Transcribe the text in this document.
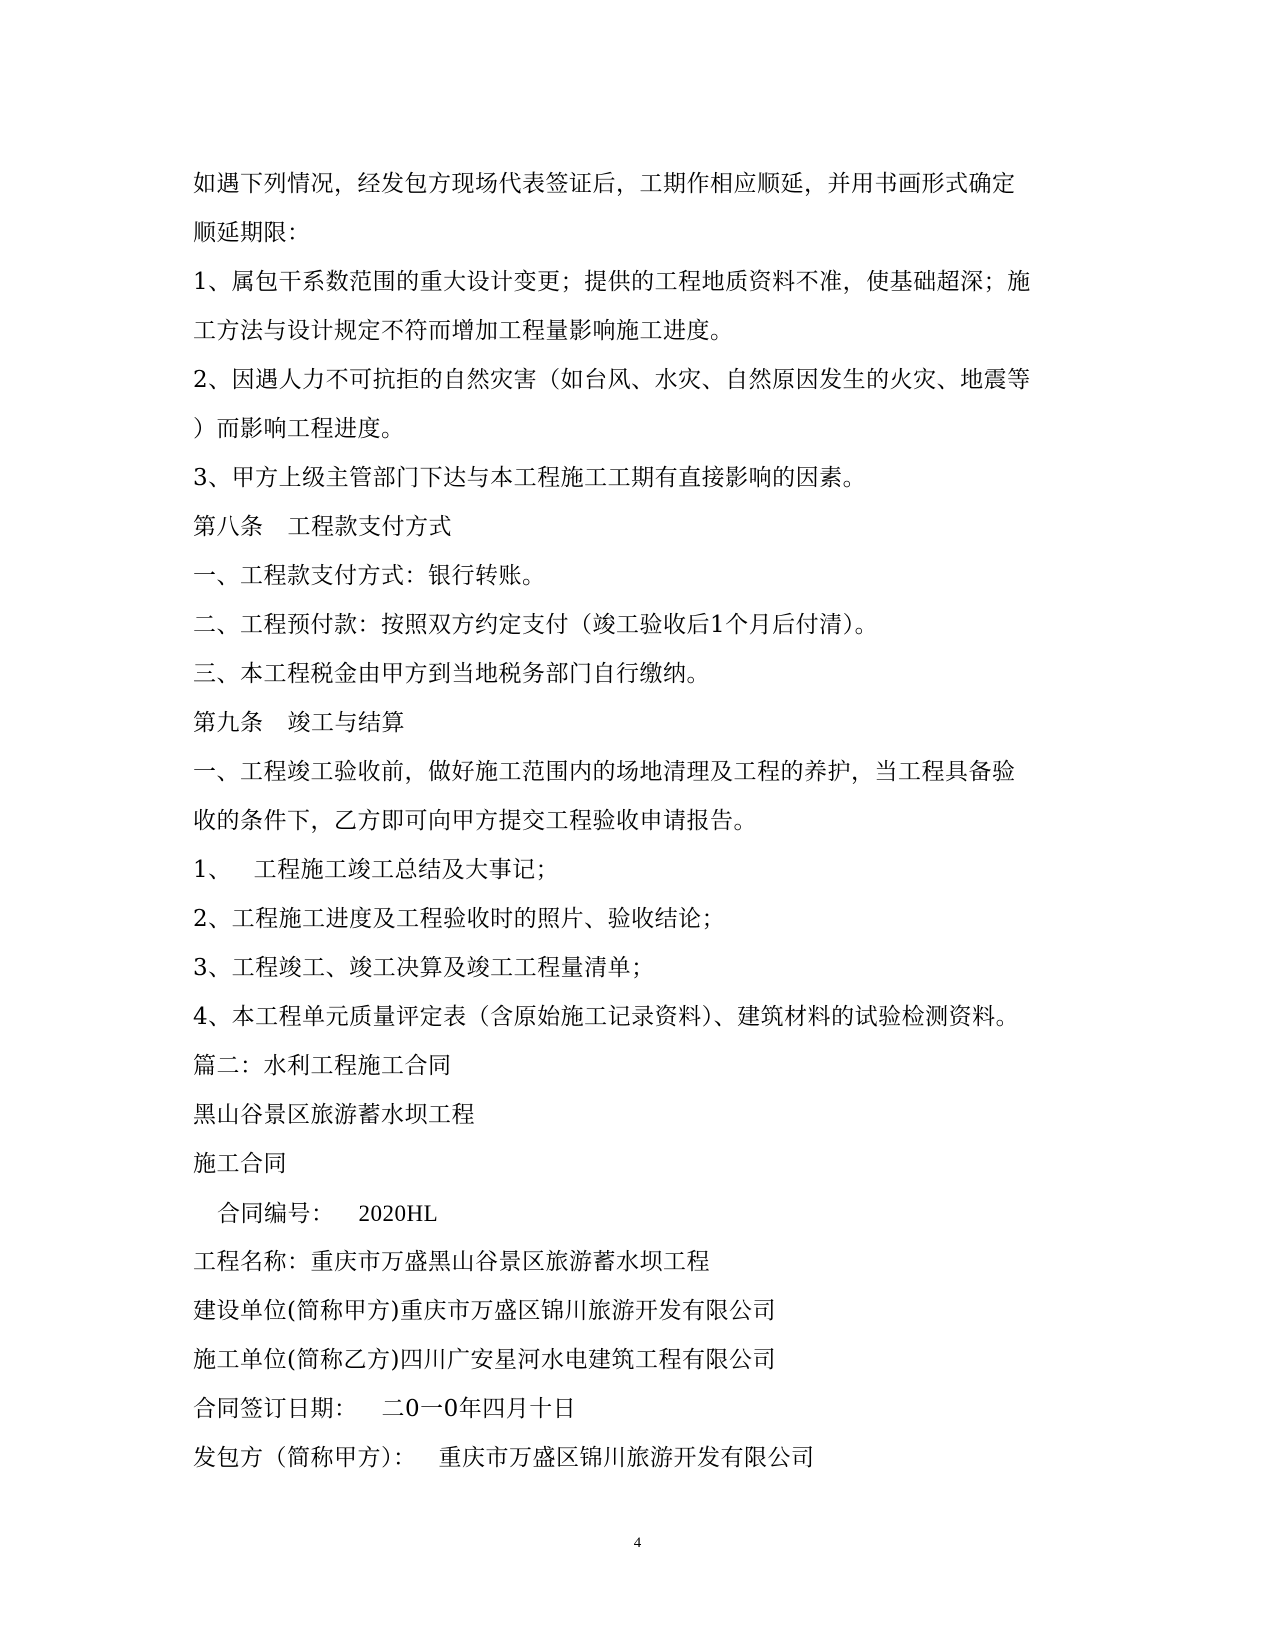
如遇下列情况，经发包方现场代表签证后，工期作相应顺延，并用书画形式确定
顺延期限：
1、属包干系数范围的重大设计变更；提供的工程地质资料不准，使基础超深；施
工方法与设计规定不符而增加工程量影响施工进度。
2、因遇人力不可抗拒的自然灾害（如台风、水灾、自然原因发生的火灾、地震等
）而影响工程进度。
3、甲方上级主管部门下达与本工程施工工期有直接影响的因素。
第八条 工程款支付方式
一、工程款支付方式：银行转账。
二、工程预付款：按照双方约定支付（竣工验收后1个月后付清）。
三、本工程税金由甲方到当地税务部门自行缴纳。
第九条 竣工与结算
一、工程竣工验收前，做好施工范围内的场地清理及工程的养护，当工程具备验
收的条件下，乙方即可向甲方提交工程验收申请报告。
1、 工程施工竣工总结及大事记；
2、工程施工进度及工程验收时的照片、验收结论；
3、工程竣工、竣工决算及竣工工程量清单；
4、本工程单元质量评定表（含原始施工记录资料）、建筑材料的试验检测资料。
篇二：水利工程施工合同
黑山谷景区旅游蓄水坝工程
施工合同
合同编号： 2020HL
工程名称：重庆市万盛黑山谷景区旅游蓄水坝工程
建设单位(简称甲方)重庆市万盛区锦川旅游开发有限公司
施工单位(简称乙方)四川广安星河水电建筑工程有限公司
合同签订日期： 二0一0年四月十日
发包方（简称甲方）： 重庆市万盛区锦川旅游开发有限公司
4
